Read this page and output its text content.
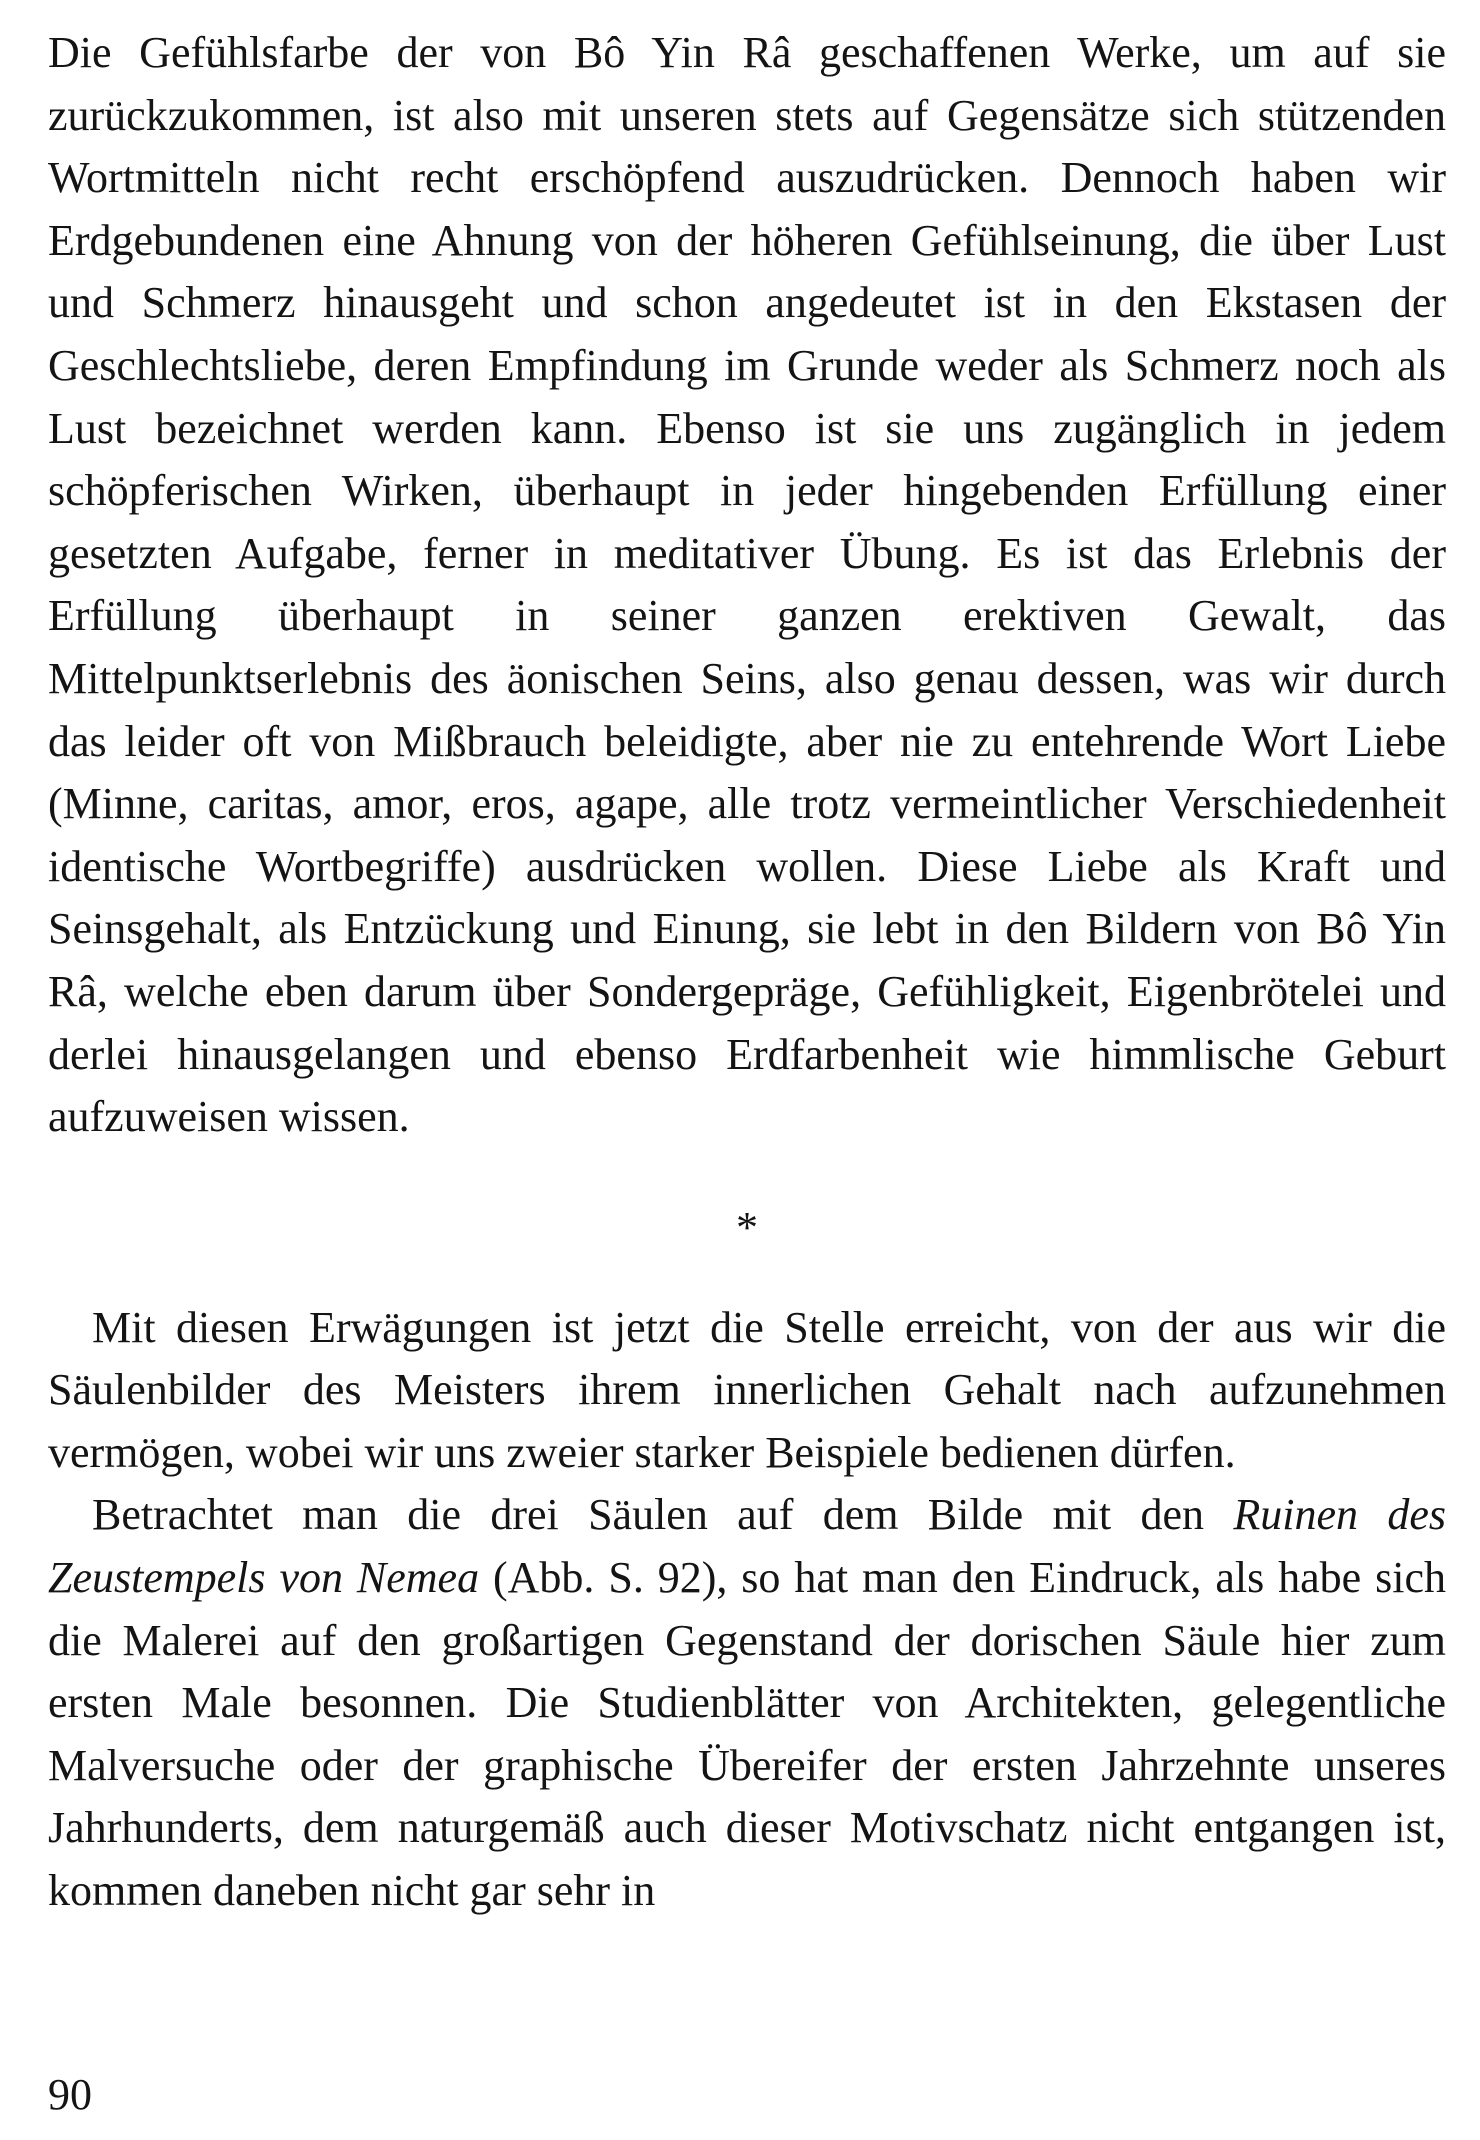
Die Gefühlsfarbe der von Bô Yin Râ geschaffenen Werke, um auf sie zurückzukommen, ist also mit unseren stets auf Gegensätze sich stützenden Wortmitteln nicht recht erschöpfend auszudrücken. Dennoch haben wir Erdgebundenen eine Ahnung von der höheren Gefühlseinung, die über Lust und Schmerz hinausgeht und schon angedeutet ist in den Ekstasen der Geschlechtsliebe, deren Empfindung im Grunde weder als Schmerz noch als Lust bezeichnet werden kann. Ebenso ist sie uns zugänglich in jedem schöpferischen Wirken, überhaupt in jeder hingebenden Erfüllung einer gesetzten Aufgabe, ferner in meditativer Übung. Es ist das Erlebnis der Erfüllung überhaupt in seiner ganzen erektiven Gewalt, das Mittelpunktserlebnis des äonischen Seins, also genau dessen, was wir durch das leider oft von Mißbrauch beleidigte, aber nie zu entehrende Wort Liebe (Minne, caritas, amor, eros, agape, alle trotz vermeintlicher Verschiedenheit identische Wortbegriffe) ausdrücken wollen. Diese Liebe als Kraft und Seinsgehalt, als Entzückung und Einung, sie lebt in den Bildern von Bô Yin Râ, welche eben darum über Sondergepräge, Gefühligkeit, Eigenbrötelei und derlei hinausgelangen und ebenso Erdfarbenheit wie himmlische Geburt aufzuweisen wissen.

*

Mit diesen Erwägungen ist jetzt die Stelle erreicht, von der aus wir die Säulenbilder des Meisters ihrem innerlichen Gehalt nach aufzunehmen vermögen, wobei wir uns zweier starker Beispiele bedienen dürfen.

Betrachtet man die drei Säulen auf dem Bilde mit den Ruinen des Zeustempels von Nemea (Abb. S. 92), so hat man den Eindruck, als habe sich die Malerei auf den großartigen Gegenstand der dorischen Säule hier zum ersten Male besonnen. Die Studienblätter von Architekten, gelegentliche Malversuche oder der graphische Übereifer der ersten Jahrzehnte unseres Jahrhunderts, dem naturgemäß auch dieser Motivschatz nicht entgangen ist, kommen daneben nicht gar sehr in

90
